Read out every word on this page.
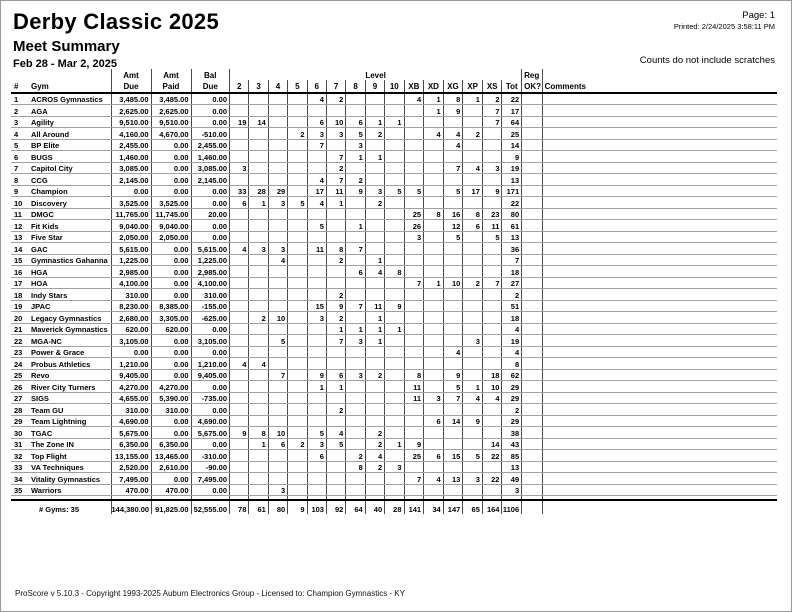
Derby Classic 2025
Meet Summary
Feb 28 - Mar 2, 2025
Page: 1
Printed: 2/24/2025 3:58:11 PM
Counts do not include scratches
		Amt	Amt	Bal	Level															Reg	
#	Gym	Due	Paid	Due	2	3	4	5	6	7	8	9	10	XB	XD	XG	XP	XS	Tot	OK?	Comments
1	ACROS Gymnastics	3,485.00	3,485.00	0.00					4	2				4	1	8	1	2	22		
2	AGA	2,625.00	2,625.00	0.00											1	9		7	17		
3	Agility	9,510.00	9,510.00	0.00	19	14			6	10	6	1	1					7	64		
4	All Around	4,160.00	4,670.00	-510.00				2	3	3	5	2			4	4	2		25		
5	BP Elite	2,455.00	0.00	2,455.00					7		3					4			14		
6	BUGS	1,460.00	0.00	1,460.00						7	1	1							9		
7	Capitol City	3,085.00	0.00	3,085.00	3					2						7	4	3	19		
8	CCG	2,145.00	0.00	2,145.00					4	7	2								13		
9	Champion	0.00	0.00	0.00	33	28	29		17	11	9	3	5	5		5	17	9	171		
10	Discovery	3,525.00	3,525.00	0.00	6	1	3	5	4	1		2							22		
11	DMGC	11,765.00	11,745.00	20.00										25	8	16	8	23	80		
12	Fit Kids	9,040.00	9,040.00	0.00					5		1			26		12	6	11	61		
13	Five Star	2,050.00	2,050.00	0.00										3		5		5	13		
14	GAC	5,615.00	0.00	5,615.00	4	3	3		11	8	7								36		
15	Gymnastics Gahanna	1,225.00	0.00	1,225.00			4			2		1							7		
16	HGA	2,985.00	0.00	2,985.00							6	4	8						18		
17	HOA	4,100.00	0.00	4,100.00										7	1	10	2	7	27		
18	Indy Stars	310.00	0.00	310.00						2									2		
19	JPAC	8,230.00	8,385.00	-155.00					15	9	7	11	9						51		
20	Legacy Gymnastics	2,680.00	3,305.00	-625.00		2	10		3	2		1							18		
21	Maverick Gymnastics	620.00	620.00	0.00						1	1	1	1						4		
22	MGA-NC	3,105.00	0.00	3,105.00			5			7	3	1					3		19		
23	Power & Grace	0.00	0.00	0.00												4			4		
24	Probus Athletics	1,210.00	0.00	1,210.00	4	4													8		
25	Revo	9,405.00	0.00	9,405.00			7		9	6	3	2		8		9		18	62		
26	River City Turners	4,270.00	4,270.00	0.00					1	1				11		5	1	10	29		
27	SIGS	4,655.00	5,390.00	-735.00										11	3	7	4	4	29		
28	Team GU	310.00	310.00	0.00						2									2		
29	Team Lightning	4,690.00	0.00	4,690.00											6	14	9		29		
30	TGAC	5,675.00	0.00	5,675.00	9	8	10		5	4		2							38		
31	The Zone IN	6,350.00	6,350.00	0.00		1	6	2	3	5		2	1	9				14	43		
32	Top Flight	13,155.00	13,465.00	-310.00					6		2	4		25	6	15	5	22	85		
33	VA Techniques	2,520.00	2,610.00	-90.00							8	2	3						13		
34	Vitality Gymnastics	7,495.00	0.00	7,495.00										7	4	13	3	22	49		
35	Warriors	470.00	470.00	0.00			3												3		

# Gyms: 35		144,380.00	91,825.00	52,555.00	78	61	80	9	103	92	64	40	28	141	34	147	65	164	1106		
ProScore v 5.10.3 - Copyright 1993-2025 Auburn Electronics Group - Licensed to: Champion Gymnastics - KY
